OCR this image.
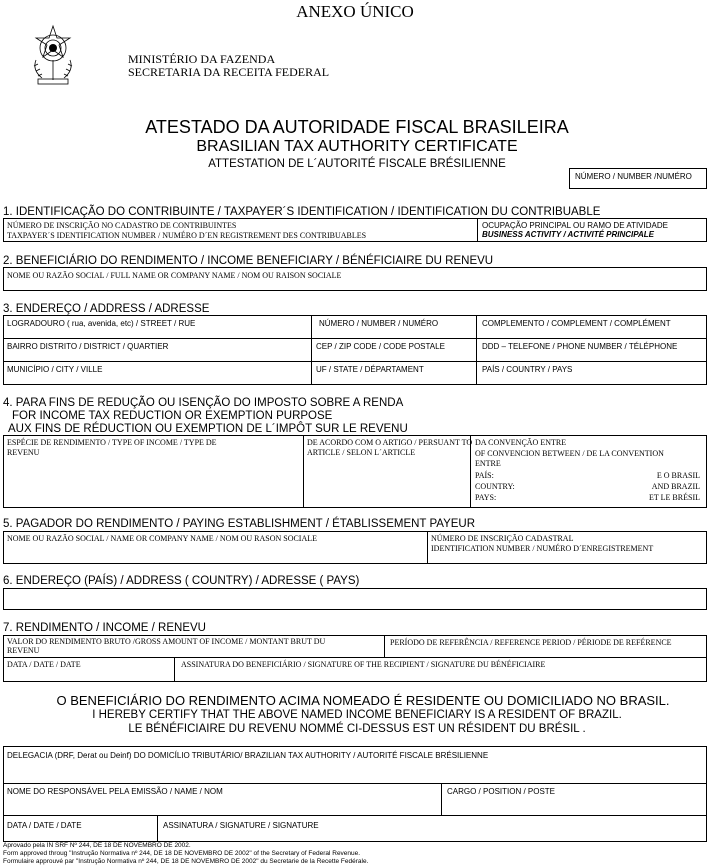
ANEXO ÚNICO
MINISTÉRIO DA FAZENDA
SECRETARIA DA RECEITA FEDERAL
ATESTADO DA AUTORIDADE FISCAL BRASILEIRA
BRASILIAN TAX AUTHORITY CERTIFICATE
ATTESTATION DE L´AUTORITÉ FISCALE BRÉSILIENNE
NÚMERO / NUMBER /NUMÉRO
1. IDENTIFICAÇÃO DO CONTRIBUINTE / TAXPAYER´S IDENTIFICATION / IDENTIFICATION DU CONTRIBUABLE
NÚMERO DE INSCRIÇÃO NO CADASTRO DE CONTRIBUINTES
TAXPAYER´S IDENTIFICATION NUMBER / NUMÉRO D´EN REGISTREMENT DES CONTRIBUABLES
OCUPAÇÃO PRINCIPAL OU RAMO DE ATIVIDADE
BUSINESS ACTIVITY / ACTIVITÉ PRINCIPALE
2. BENEFICIÁRIO DO RENDIMENTO / INCOME BENEFICIARY / BÉNÉFICIAIRE DU RENEVU
NOME OU RAZÃO SOCIAL / FULL NAME OR COMPANY NAME / NOM OU RAISON SOCIALE
3. ENDEREÇO / ADDRESS / ADRESSE
LOGRADOURO ( rua, avenida, etc) / STREET / RUE	NÚMERO / NUMBER / NUMÉRO	COMPLEMENTO / COMPLEMENT / COMPLÉMENT
BAIRRO DISTRITO / DISTRICT / QUARTIER	CEP / ZIP CODE / CODE POSTALE	DDD – TELEFONE / PHONE NUMBER / TÉLÉPHONE
MUNICÍPIO / CITY / VILLE	UF / STATE / DÉPARTAMENT	PAÍS / COUNTRY / PAYS
4. PARA FINS DE REDUÇÃO OU ISENÇÃO DO IMPOSTO SOBRE A RENDA
FOR INCOME TAX REDUCTION OR EXEMPTION PURPOSE
AUX FINS DE RÉDUCTION OU EXEMPTION DE L´IMPÔT SUR LE REVENU
ESPÉCIE DE RENDIMENTO / TYPE OF INCOME / TYPE DE
REVENU
DE ACORDO COM O ARTIGO / PERSUANT TO
ARTICLE / SELON L´ARTICLE
DA CONVENÇÃO ENTRE
OF CONVENCION BETWEEN / DE LA CONVENTION
ENTRE
PAÍS:	E O BRASIL
COUNTRY:	AND BRAZIL
PAYS:	ET LE BRÉSIL
5. PAGADOR DO RENDIMENTO / PAYING ESTABLISHMENT / ÉTABLISSEMENT PAYEUR
NOME OU RAZÃO SOCIAL / NAME OR COMPANY NAME / NOM OU RASON SOCIALE	NÚMERO DE INSCRIÇÃO CADASTRAL
IDENTIFICATION NUMBER / NUMÉRO D´ENREGISTREMENT
6. ENDEREÇO (PAÍS) / ADDRESS ( COUNTRY) / ADRESSE ( PAYS)
7. RENDIMENTO / INCOME / RENEVU
VALOR DO RENDIMENTO BRUTO /GROSS AMOUNT OF INCOME / MONTANT BRUT DU
REVENU
PERÍODO DE REFERÊNCIA / REFERENCE PERIOD / PÉRIODE DE REFÉRENCE
DATA / DATE / DATE	ASSINATURA DO BENEFICIÁRIO / SIGNATURE OF THE RECIPIENT / SIGNATURE DU BÉNÉFICIAIRE
O BENEFICIÁRIO DO RENDIMENTO ACIMA NOMEADO É RESIDENTE OU DOMICILIADO NO BRASIL.
I HEREBY CERTIFY THAT THE ABOVE NAMED INCOME BENEFICIARY IS A RESIDENT OF BRAZIL.
LE BÉNÉFICIAIRE DU REVENU NOMMÉ CI-DESSUS EST UN RÉSIDENT DU BRÉSIL .
DELEGACIA (DRF, Derat ou Deinf) DO DOMICÍLIO TRIBUTÁRIO/ BRAZILIAN TAX AUTHORITY / AUTORITÉ FISCALE BRÉSILIENNE
NOME DO RESPONSÁVEL PELA EMISSÃO / NAME / NOM	CARGO / POSITION / POSTE
DATA / DATE / DATE	ASSINATURA / SIGNATURE / SIGNATURE
Aprovado pela IN SRF Nº 244, DE 18 DE NOVEMBRO DE 2002.
Form approved throug "Instrução Normativa nº 244, DE 18 DE NOVEMBRO DE 2002" of the Secretary of Federal Revenue.
Formulaire approuvé par "Instrução Normativa nº 244, DE 18 DE NOVEMBRO DE 2002" du Secretarie de la Recette Fedérale.
